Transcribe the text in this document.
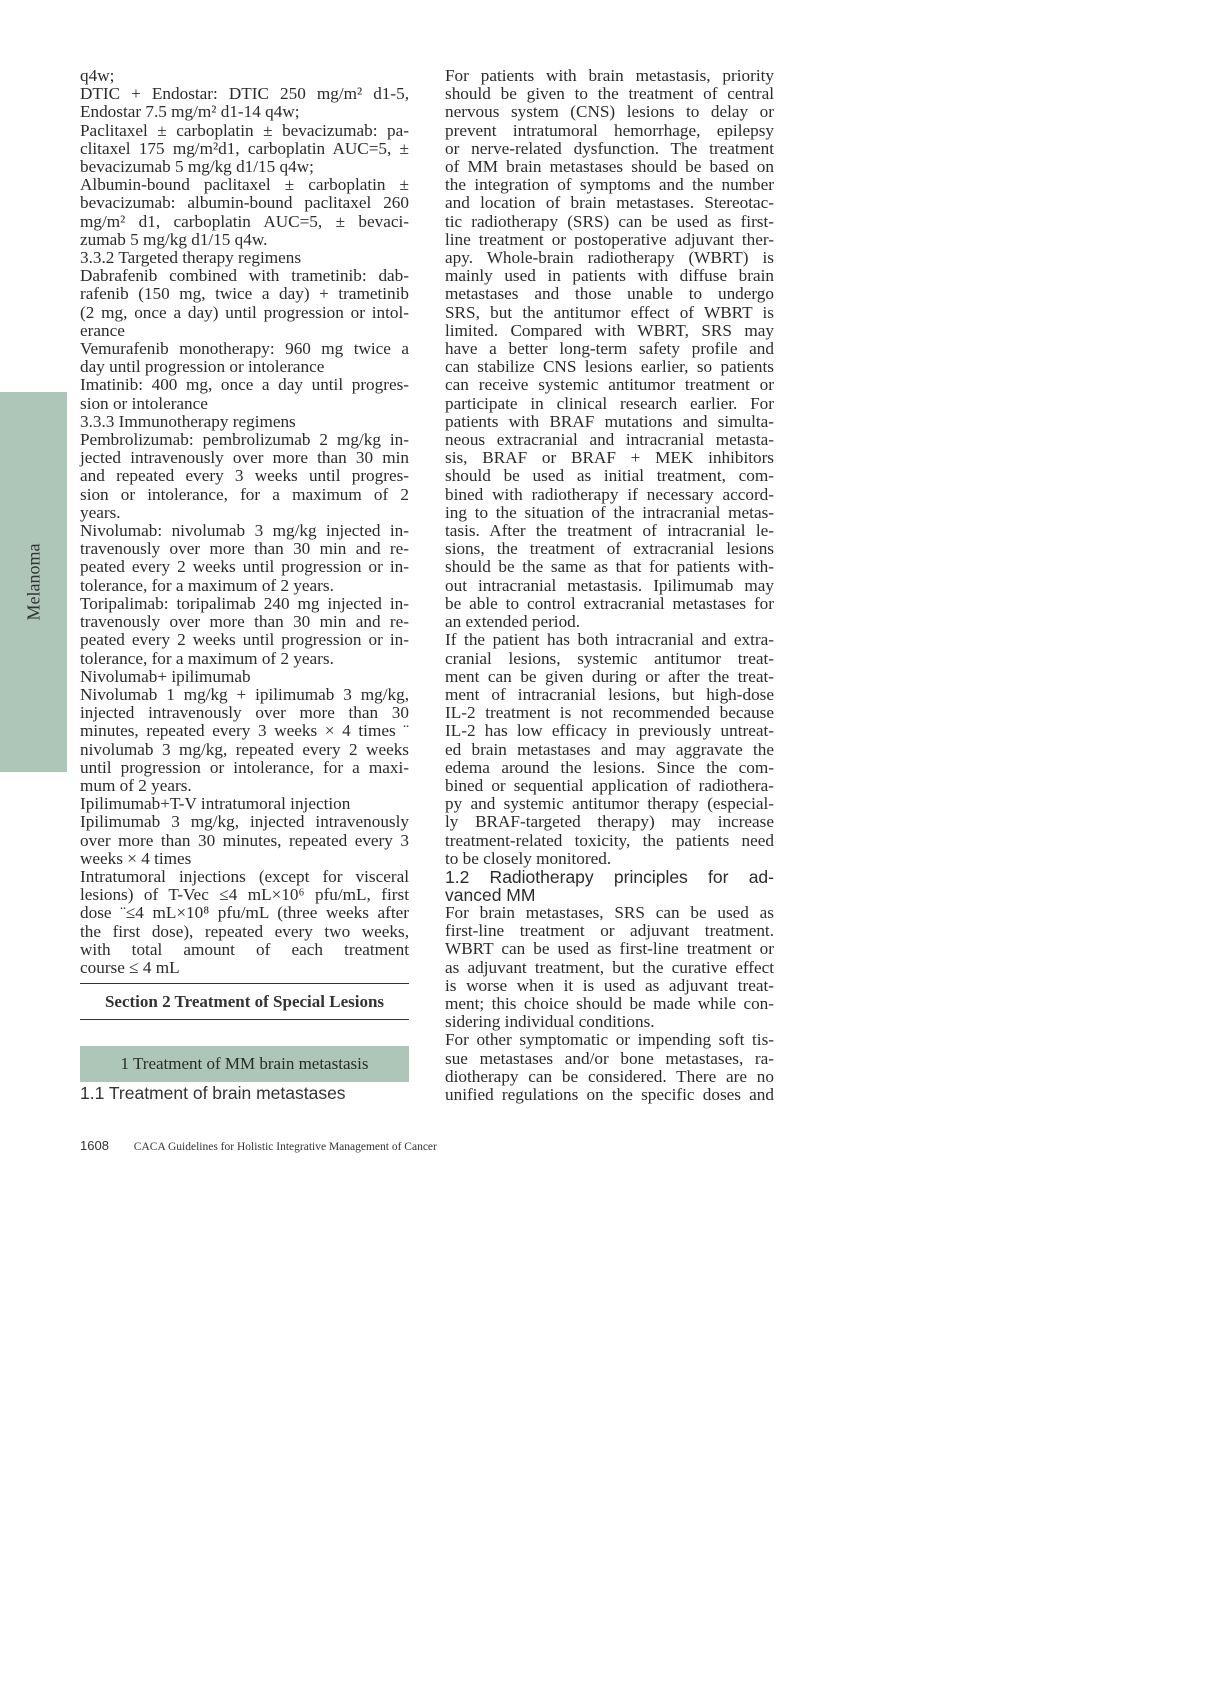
Melanoma
q4w;
DTIC + Endostar: DTIC 250 mg/m² d1-5,
Endostar 7.5 mg/m² d1-14 q4w;
Paclitaxel ± carboplatin ± bevacizumab: pa-
clitaxel 175 mg/m²d1, carboplatin AUC=5, ±
bevacizumab 5 mg/kg d1/15 q4w;
Albumin-bound paclitaxel ± carboplatin ±
bevacizumab: albumin-bound paclitaxel 260
mg/m² d1, carboplatin AUC=5, ± bevaci-
zumab 5 mg/kg d1/15 q4w.
3.3.2 Targeted therapy regimens
Dabrafenib combined with trametinib: dab-
rafenib (150 mg, twice a day) + trametinib
(2 mg, once a day) until progression or intol-
erance
Vemurafenib monotherapy: 960 mg twice a
day until progression or intolerance
Imatinib: 400 mg, once a day until progres-
sion or intolerance
3.3.3 Immunotherapy regimens
Pembrolizumab: pembrolizumab 2 mg/kg in-
jected intravenously over more than 30 min
and repeated every 3 weeks until progres-
sion or intolerance, for a maximum of 2
years.
Nivolumab: nivolumab 3 mg/kg injected in-
travenously over more than 30 min and re-
peated every 2 weeks until progression or in-
tolerance, for a maximum of 2 years.
Toripalimab: toripalimab 240 mg injected in-
travenously over more than 30 min and re-
peated every 2 weeks until progression or in-
tolerance, for a maximum of 2 years.
Nivolumab+ ipilimumab
Nivolumab 1 mg/kg + ipilimumab 3 mg/kg,
injected intravenously over more than 30
minutes, repeated every 3 weeks × 4 times ¨
nivolumab 3 mg/kg, repeated every 2 weeks
until progression or intolerance, for a maxi-
mum of 2 years.
Ipilimumab+T-V intratumoral injection
Ipilimumab 3 mg/kg, injected intravenously
over more than 30 minutes, repeated every 3
weeks × 4 times
Intratumoral injections (except for visceral
lesions) of T-Vec ≤4 mL×10⁶ pfu/mL, first
dose ¨≤4 mL×10⁸ pfu/mL (three weeks after
the first dose), repeated every two weeks,
with total amount of each treatment
course ≤ 4 mL
Section 2 Treatment of Special Lesions
1 Treatment of MM brain metastasis
1.1 Treatment of brain metastases
For patients with brain metastasis, priority
should be given to the treatment of central
nervous system (CNS) lesions to delay or
prevent intratumoral hemorrhage, epilepsy
or nerve-related dysfunction. The treatment
of MM brain metastases should be based on
the integration of symptoms and the number
and location of brain metastases. Stereotac-
tic radiotherapy (SRS) can be used as first-
line treatment or postoperative adjuvant ther-
apy. Whole-brain radiotherapy (WBRT) is
mainly used in patients with diffuse brain
metastases and those unable to undergo
SRS, but the antitumor effect of WBRT is
limited. Compared with WBRT, SRS may
have a better long-term safety profile and
can stabilize CNS lesions earlier, so patients
can receive systemic antitumor treatment or
participate in clinical research earlier. For
patients with BRAF mutations and simulta-
neous extracranial and intracranial metasta-
sis, BRAF or BRAF + MEK inhibitors
should be used as initial treatment, com-
bined with radiotherapy if necessary accord-
ing to the situation of the intracranial metas-
tasis. After the treatment of intracranial le-
sions, the treatment of extracranial lesions
should be the same as that for patients with-
out intracranial metastasis. Ipilimumab may
be able to control extracranial metastases for
an extended period.
If the patient has both intracranial and extra-
cranial lesions, systemic antitumor treat-
ment can be given during or after the treat-
ment of intracranial lesions, but high-dose
IL-2 treatment is not recommended because
IL-2 has low efficacy in previously untreat-
ed brain metastases and may aggravate the
edema around the lesions. Since the com-
bined or sequential application of radiothera-
py and systemic antitumor therapy (especial-
ly BRAF-targeted therapy) may increase
treatment-related toxicity, the patients need
to be closely monitored.
1.2 Radiotherapy principles for ad-
vanced MM
For brain metastases, SRS can be used as
first-line treatment or adjuvant treatment.
WBRT can be used as first-line treatment or
as adjuvant treatment, but the curative effect
is worse when it is used as adjuvant treat-
ment; this choice should be made while con-
sidering individual conditions.
For other symptomatic or impending soft tis-
sue metastases and/or bone metastases, ra-
diotherapy can be considered. There are no
unified regulations on the specific doses and
1608 CACA Guidelines for Holistic Integrative Management of Cancer
